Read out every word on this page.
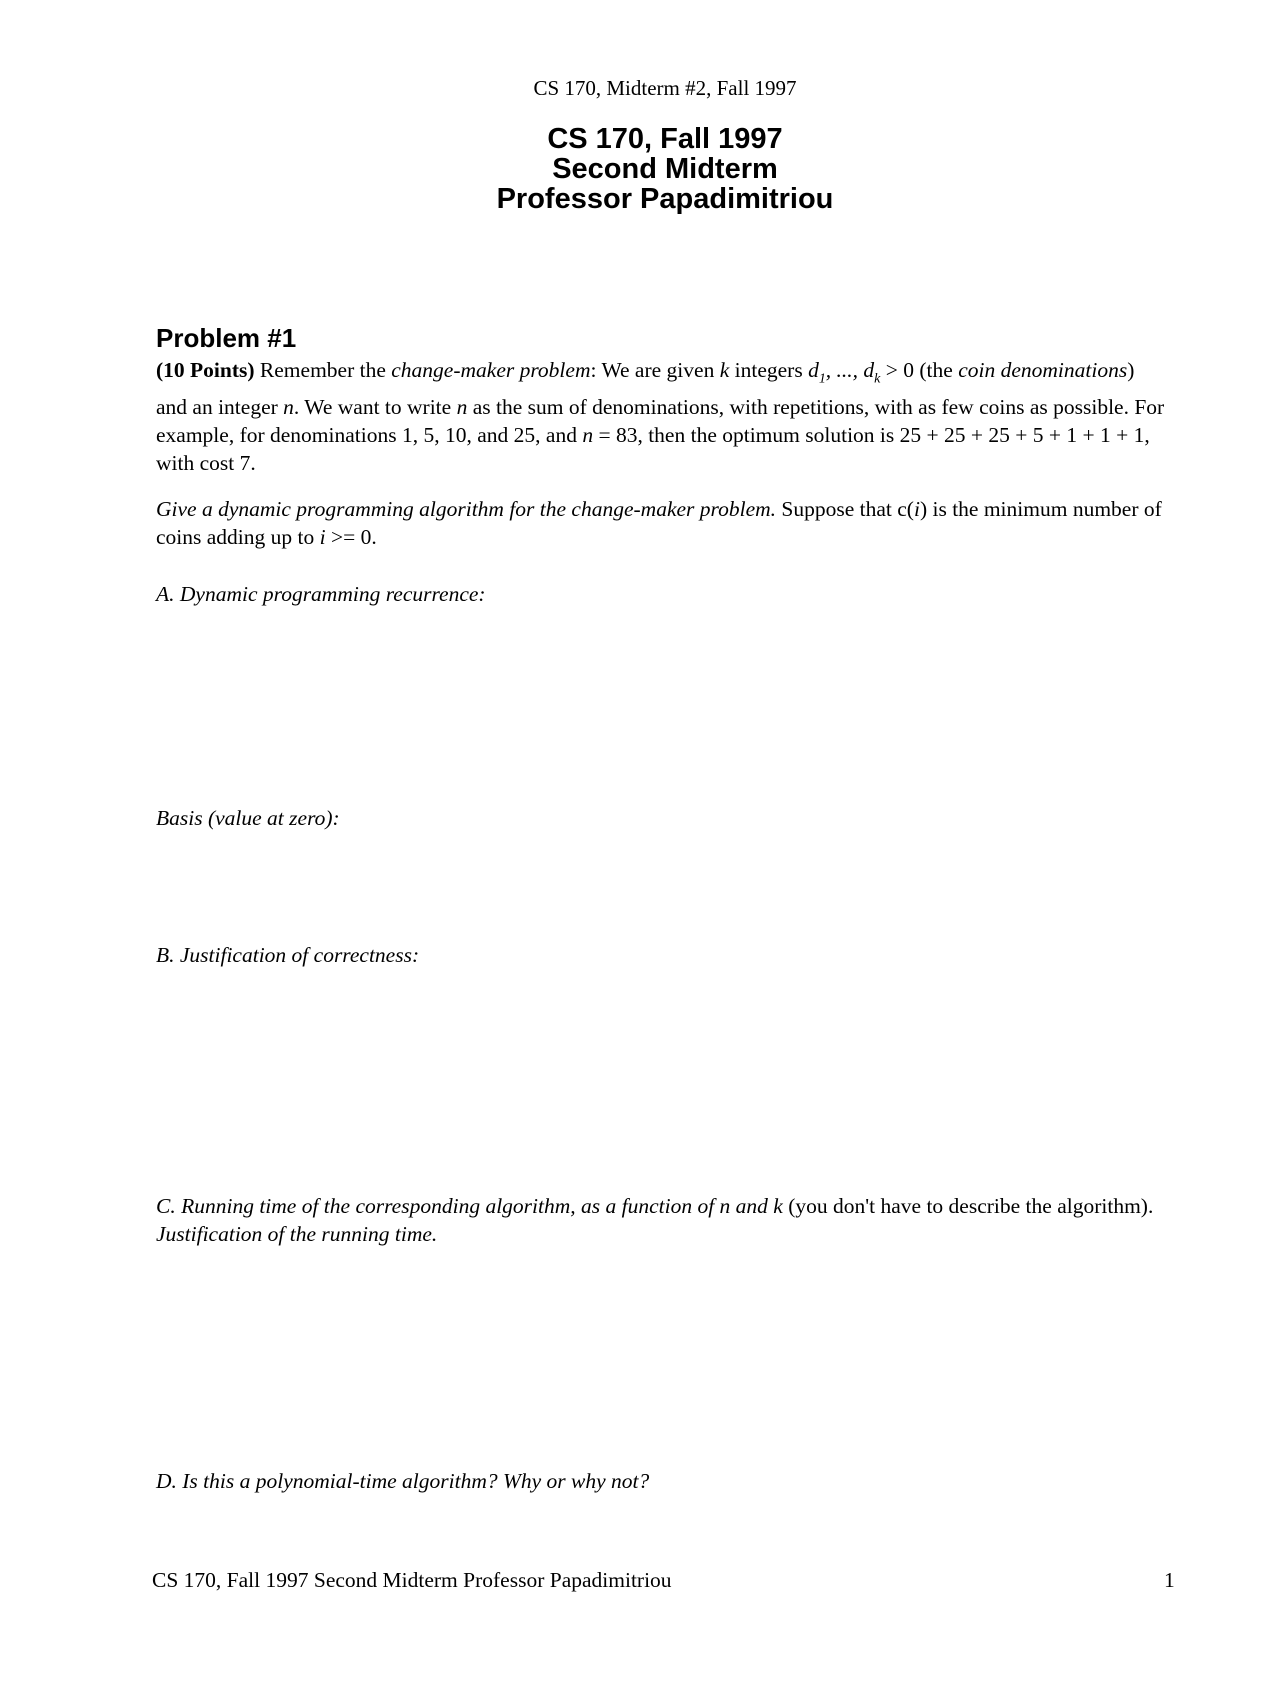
CS 170, Midterm #2, Fall 1997
CS 170, Fall 1997
Second Midterm
Professor Papadimitriou
Problem #1
(10 Points) Remember the change-maker problem: We are given k integers $d_1$, ..., $d_k > 0$ (the coin denominations) and an integer n. We want to write n as the sum of denominations, with repetitions, with as few coins as possible. For example, for denominations 1, 5, 10, and 25, and n = 83, then the optimum solution is 25 + 25 + 25 + 5 + 1 + 1 + 1, with cost 7.
Give a dynamic programming algorithm for the change-maker problem. Suppose that c(i) is the minimum number of coins adding up to i >= 0.
A. Dynamic programming recurrence:
Basis (value at zero):
B. Justification of correctness:
C. Running time of the corresponding algorithm, as a function of n and k (you don't have to describe the algorithm). Justification of the running time.
D. Is this a polynomial-time algorithm? Why or why not?
CS 170, Fall 1997 Second Midterm Professor Papadimitriou	1
